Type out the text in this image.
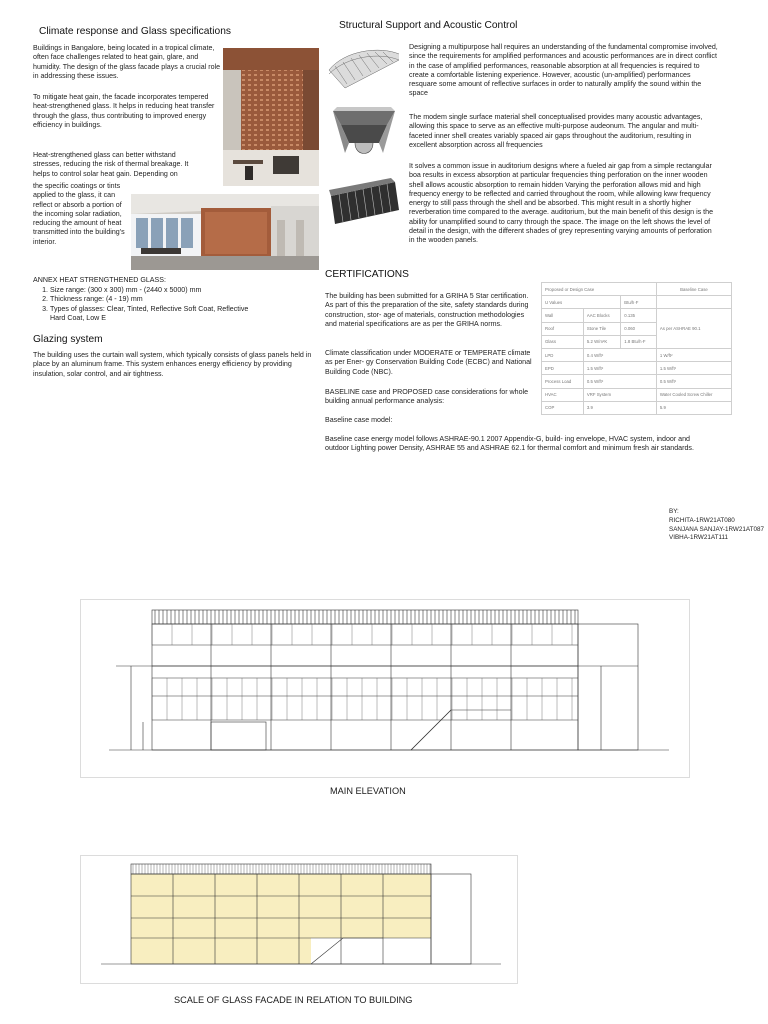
Climate response and Glass specifications

Buildings in Bangalore, being located in a tropical climate, often face challenges related to heat gain, glare, and humidity. The design of the glass facade plays a crucial role in addressing these issues.

To mitigate heat gain, the facade incorporates tempered heat-strengthened glass. It helps in reducing heat transfer through the glass, thus contributing to improved energy efficiency in buildings.

Heat-strengthened glass can better withstand stresses, reducing the risk of thermal breakage. It helps to control solar heat gain. Depending on

the specific coatings or tints applied to the glass, it can reflect or absorb a portion of the incoming solar radiation, reducing the amount of heat transmitted into the building's interior.

ANNEX HEAT STRENGTHENED GLASS:
1. Size range: (300 x 300) mm - (2440 x 5000) mm
2. Thickness range: (4 - 19) mm
3. Types of glasses: Clear, Tinted, Reflective Soft Coat, Reflective Hard Coat, Low E
Glazing system

The building uses the curtain wall system, which typically consists of glass panels held in place by an aluminum frame. This system enhances energy efficiency by providing insulation, solar control, and air tightness.

Structural Support and Acoustic Control

Designing a multipurpose hall requires an understanding of the fundamental compromise involved, since the requirements for amplified performances and acoustic performances are in direct conflict in the case of amplified performances, reasonable absorption at all frequencies is required to create a comfortable listening experience. However, acoustic (un-amplified) performances resquare some amount of reflective surfaces in order to naturally amplify the sound within the space

The modem single surface material shell conceptualised provides many acoustic advantages, allowing this space to serve as an effective multi-purpose audeonum. The angular and multi-faceted inner shell creates variably spaced air gaps throughout the auditorium, resulting in excellent absorption across all frequencies

It solves a common issue in auditorium designs where a fueled air gap from a simple rectangular boa results in excess absorption at particular frequencies thing perforation on the inner wooden shell allows acoustic absorption to remain hidden Varying the perforation allows mid and high frequency energy to be reflected and carried throughout the room, while allowing kww frequency energy to still pass through the shell and be absorbed. This might result in a shortly higher reverberation time compared to the average. auditorium, but the main benefit of this design is the ability for unamplified sound to carry through the space. The image on the left shows the level of detail in the design, with the different shades of grey representing varying amounts of perforation in the wooden panels.

CERTIFICATIONS

The building has been submitted for a GRIHA 5 Star certification. As part of this the preparation of the site, safety standards during construction, stor- age of materials, construction methodologies and material specifications are as per the GRIHA norms.

Climate classification under MODERATE or TEMPERATE climate as per Ener- gy Conservation Building Code (ECBC) and National Building Code (NBC).

BASELINE case and PROPOSED case considerations for whole building annual performance analysis:

Baseline case model:

Baseline case energy model follows ASHRAE-90.1 2007 Appendix-G, build- ing envelope, HVAC system, indoor and outdoor Lighting power Density, ASHRAE 55 and ASHRAE 62.1 for thermal comfort and minimum fresh air standards.

Proposed or Design Case			Baseline Case
U Values		Btu/h·F	
Wall	AAC Blocks	0.135	As per ASHRAE 90.1
Roof	Stone Tile	0.060	
Glass	5.2 W/m²K	1.8 Btu/h·F	
LPD	0.4 W/ft²		1 W/ft²
EPD	1.5 W/ft²		1.5 W/ft²
Process Load	0.5 W/ft²		0.5 W/ft²
HVAC	VRF System		Water Cooled Screw Chiller
COP	3.9		5.9
BY:
RICHITA-1RW21AT080
SANJANA SANJAY-1RW21AT087
VIBHA-1RW21AT111
MAIN ELEVATION
SCALE OF GLASS FACADE IN RELATION TO BUILDING
